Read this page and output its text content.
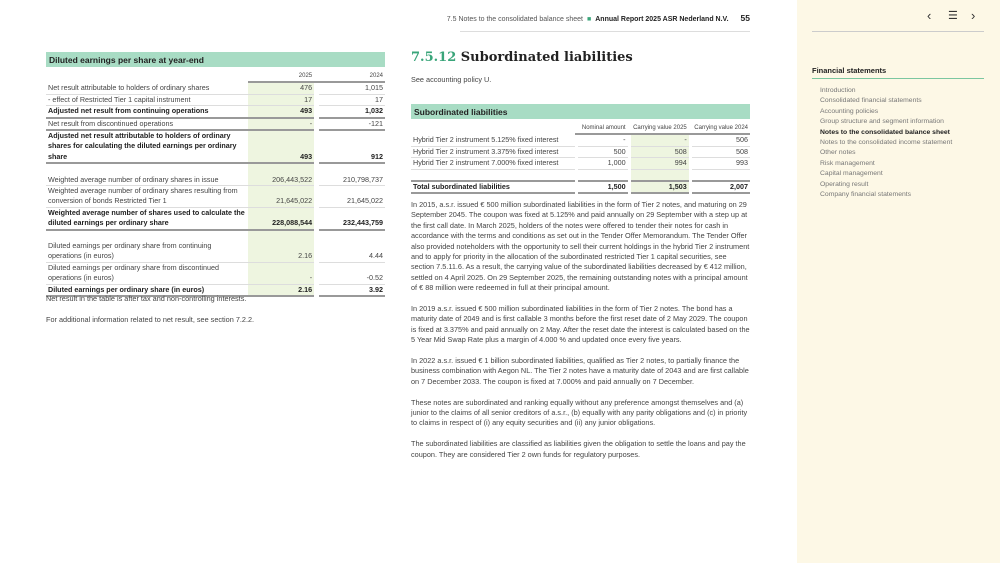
7.5 Notes to the consolidated balance sheet ■ Annual Report 2025 ASR Nederland N.V. 55
Diluted earnings per share at year-end
	2025		2024
Net result attributable to holders of ordinary shares	476		1,015
- effect of Restricted Tier 1 capital instrument	17		17
Adjusted net result from continuing operations	493		1,032
Net result from discontinued operations	-		-121
Adjusted net result attributable to holders of ordinary shares for calculating the diluted earnings per ordinary share	493		912

Weighted average number of ordinary shares in issue	206,443,522		210,798,737
Weighted average number of ordinary shares resulting from conversion of bonds Restricted Tier 1	21,645,022		21,645,022
Weighted average number of shares used to calculate the diluted earnings per ordinary share	228,088,544		232,443,759

Diluted earnings per ordinary share from continuing operations (in euros)	2.16		4.44
Diluted earnings per ordinary share from discontinued operations (in euros)	-		-0.52
Diluted earnings per ordinary share (in euros)	2.16		3.92
Net result in the table is after tax and non-controlling interests.
For additional information related to net result, see section 7.2.2.
7.5.12 Subordinated liabilities
See accounting policy U.
Subordinated liabilities
		Nominal amount		Carrying value 2025		Carrying value 2024
Hybrid Tier 2 instrument 5.125% fixed interest		-		-		506
Hybrid Tier 2 instrument 3.375% fixed interest		500		508		508
Hybrid Tier 2 instrument 7.000% fixed interest		1,000		994		993

Total subordinated liabilities		1,500		1,503		2,007

In 2015, a.s.r. issued € 500 million subordinated liabilities in the form of Tier 2 notes, and maturing on 29 September 2045. The coupon was fixed at 5.125% and paid annually on 29 September with a step up at the first call date. In March 2025, holders of the notes were offered to tender their notes for cash in accordance with the terms and conditions as set out in the Tender Offer Memorandum. The Tender Offer also provided noteholders with the opportunity to sell their current holdings in the hybrid Tier 2 instrument and to apply for priority in the allocation of the subordinated restricted Tier 1 capital securities, see section 7.5.11.6. As a result, the carrying value of the subordinated liabilities decreased by € 412 million, settled on 4 April 2025. On 29 September 2025, the remaining outstanding notes with a principal amount of € 88 million were redeemed in full at their principal amount.

In 2019 a.s.r. issued € 500 million subordinated liabilities in the form of Tier 2 notes. The bond has a maturity date of 2049 and is first callable 3 months before the first reset date of 2 May 2029. The coupon is fixed at 3.375% and paid annually on 2 May. After the reset date the interest is calculated based on the 5 Year Mid Swap Rate plus a margin of 4.000 % and updated once every five years.

In 2022 a.s.r. issued € 1 billion subordinated liabilities, qualified as Tier 2 notes, to partially finance the business combination with Aegon NL. The Tier 2 notes have a maturity date of 2043 and are first callable on 7 December 2033. The coupon is fixed at 7.000% and paid annually on 7 December.

These notes are subordinated and ranking equally without any preference amongst themselves and (a) junior to the claims of all senior creditors of a.s.r., (b) equally with any parity obligations and (c) in priority to claims in respect of (i) any equity securities and (ii) any junior obligations.

The subordinated liabilities are classified as liabilities given the obligation to settle the loans and pay the coupon. They are considered Tier 2 own funds for regulatory purposes.

‹ ☰ ›
Financial statements
Introduction
Consolidated financial statements
Accounting policies
Group structure and segment information
Notes to the consolidated balance sheet
Notes to the consolidated income statement
Other notes
Risk management
Capital management
Operating result
Company financial statements
